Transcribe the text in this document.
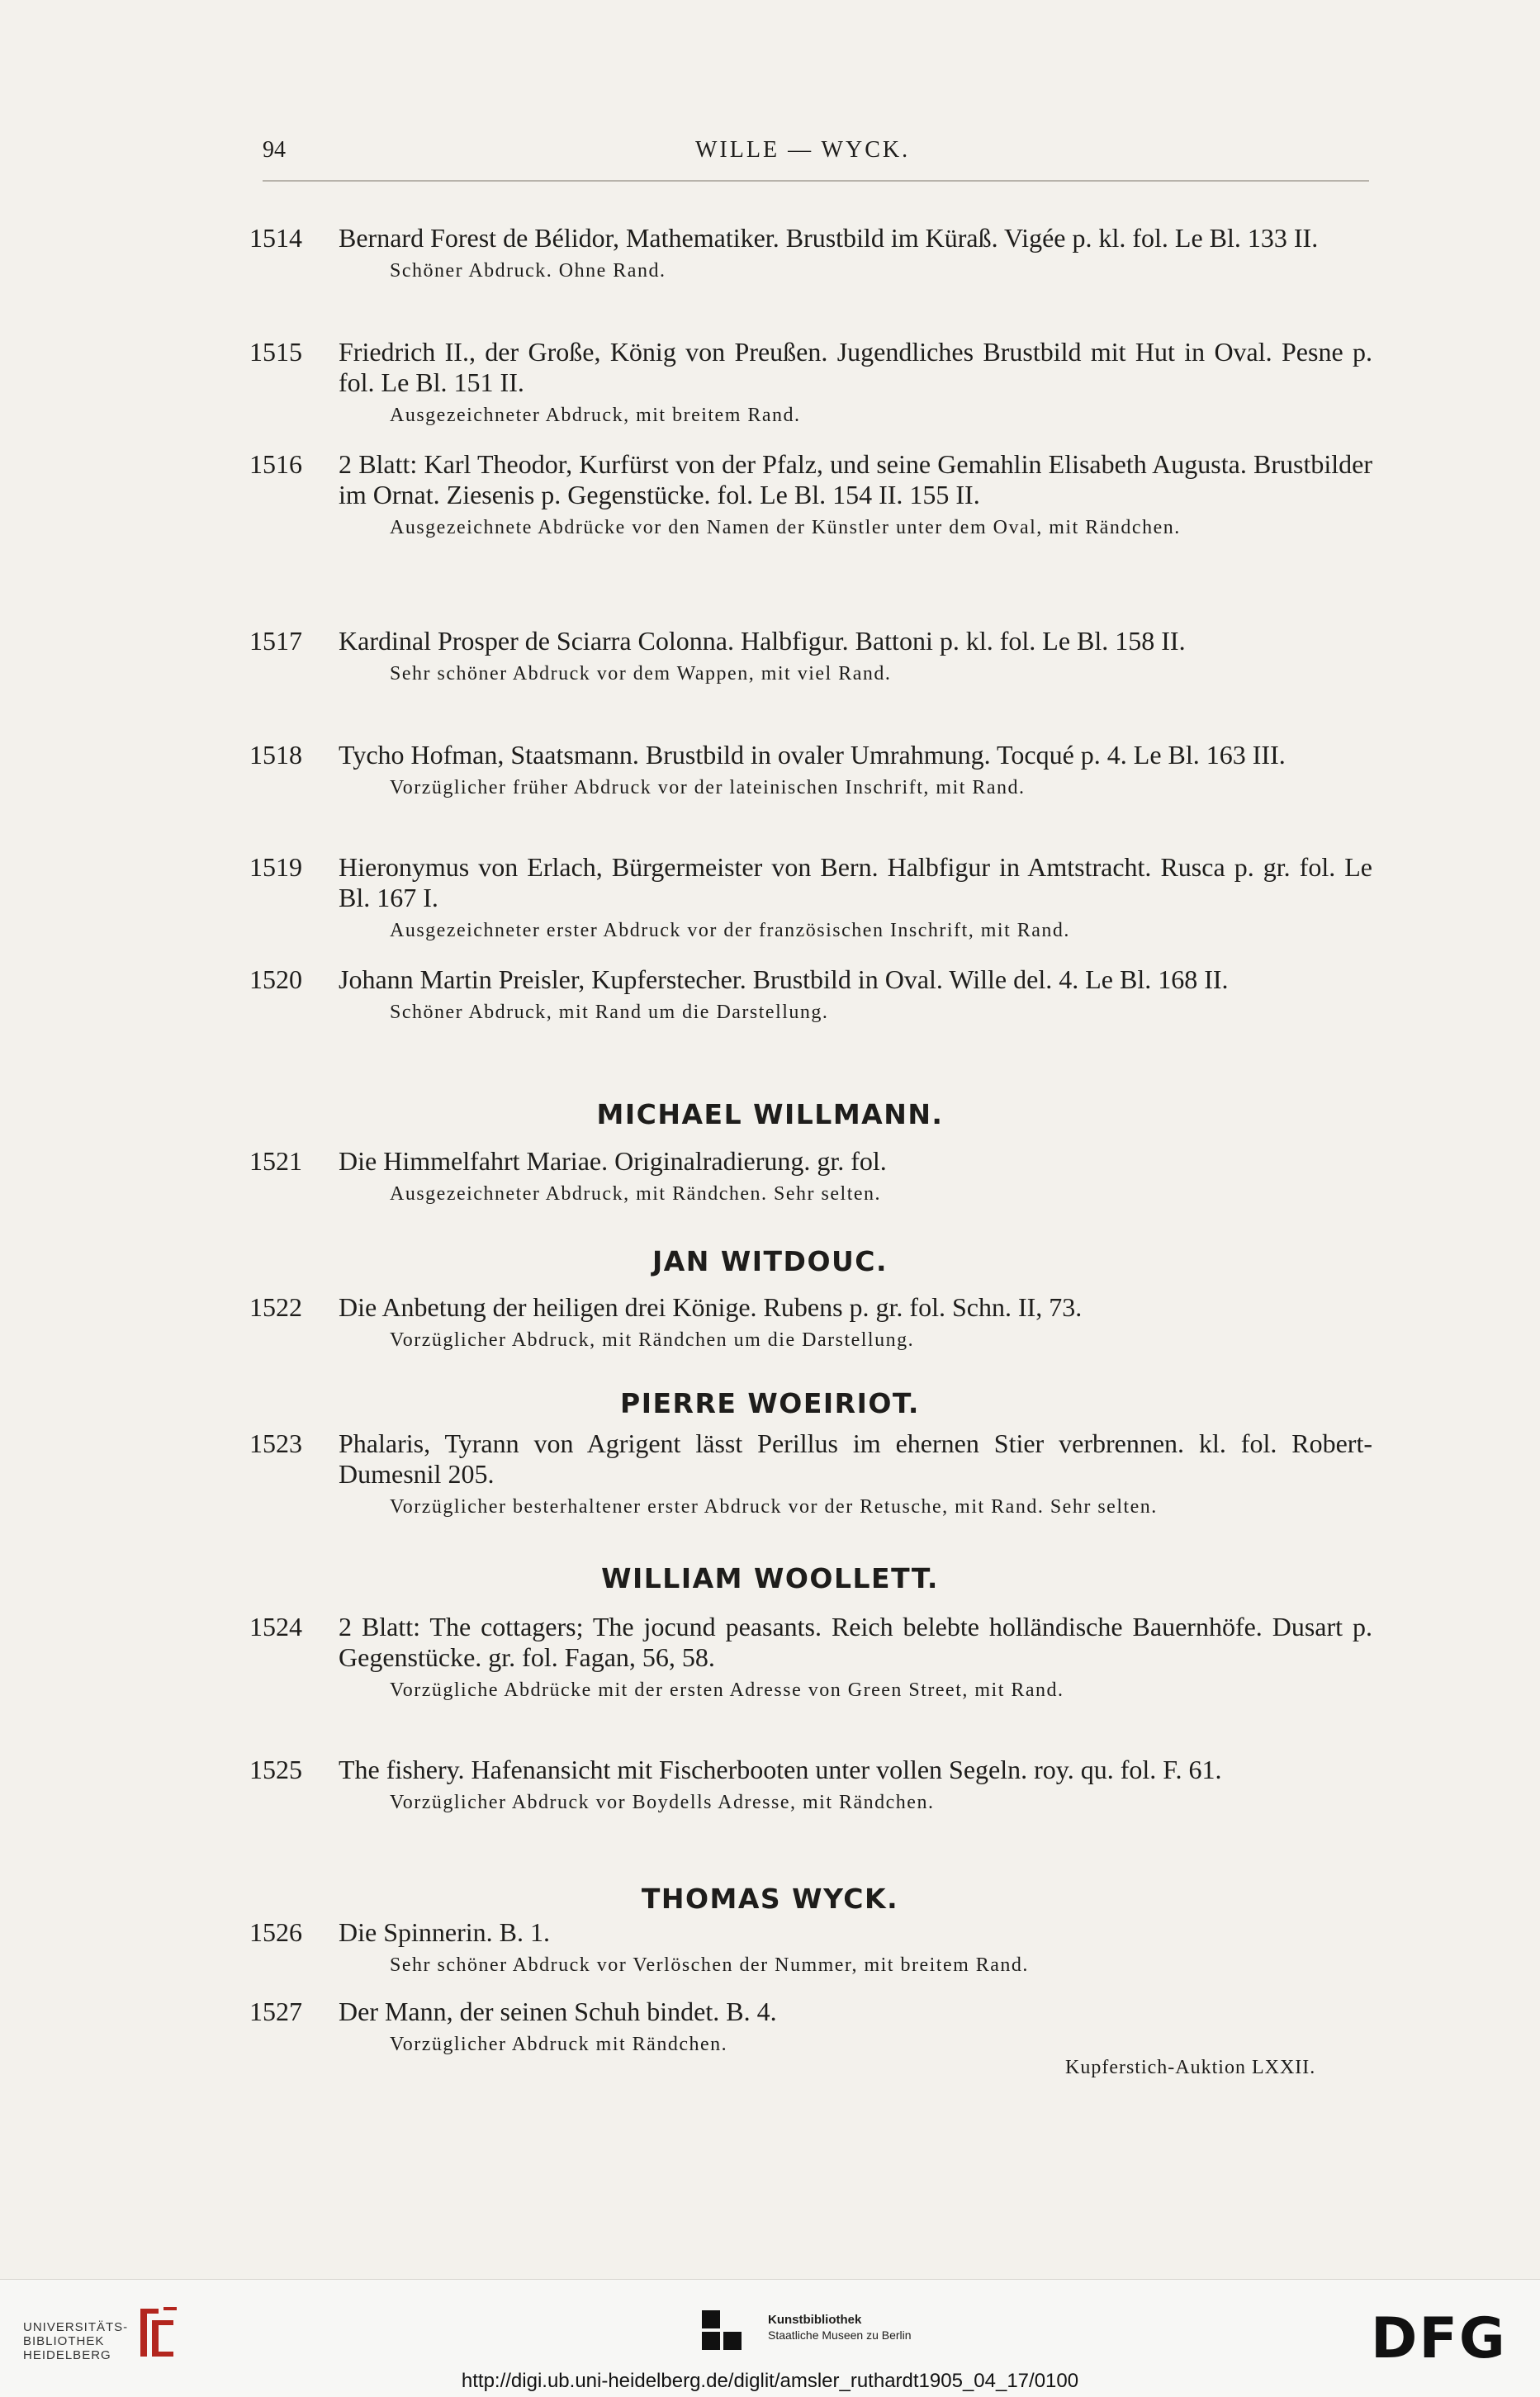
94	WILLE — WYCK.
1514	Bernard Forest de Bélidor, Mathematiker. Brustbild im Küraß. Vigée p. kl. fol. Le Bl. 133 II.
Schöner Abdruck. Ohne Rand.
1515	Friedrich II., der Große, König von Preußen. Jugendliches Brustbild mit Hut in Oval. Pesne p. fol. Le Bl. 151 II.
Ausgezeichneter Abdruck, mit breitem Rand.
1516	2 Blatt: Karl Theodor, Kurfürst von der Pfalz, und seine Gemahlin Elisabeth Augusta. Brustbilder im Ornat. Ziesenis p. Gegenstücke. fol. Le Bl. 154 II. 155 II.
Ausgezeichnete Abdrücke vor den Namen der Künstler unter dem Oval, mit Rändchen.
1517	Kardinal Prosper de Sciarra Colonna. Halbfigur. Battoni p. kl. fol. Le Bl. 158 II.
Sehr schöner Abdruck vor dem Wappen, mit viel Rand.
1518	Tycho Hofman, Staatsmann. Brustbild in ovaler Umrahmung. Tocqué p. 4. Le Bl. 163 III.
Vorzüglicher früher Abdruck vor der lateinischen Inschrift, mit Rand.
1519	Hieronymus von Erlach, Bürgermeister von Bern. Halbfigur in Amtstracht. Rusca p. gr. fol. Le Bl. 167 I.
Ausgezeichneter erster Abdruck vor der französischen Inschrift, mit Rand.
1520	Johann Martin Preisler, Kupferstecher. Brustbild in Oval. Wille del. 4. Le Bl. 168 II.
Schöner Abdruck, mit Rand um die Darstellung.
MICHAEL WILLMANN.
1521	Die Himmelfahrt Mariae. Originalradierung. gr. fol.
Ausgezeichneter Abdruck, mit Rändchen. Sehr selten.
JAN WITDOUC.
1522	Die Anbetung der heiligen drei Könige. Rubens p. gr. fol. Schn. II, 73.
Vorzüglicher Abdruck, mit Rändchen um die Darstellung.
PIERRE WOEIRIOT.
1523	Phalaris, Tyrann von Agrigent lässt Perillus im ehernen Stier verbrennen. kl. fol. Robert-Dumesnil 205.
Vorzüglicher besterhaltener erster Abdruck vor der Retusche, mit Rand. Sehr selten.
WILLIAM WOOLLETT.
1524	2 Blatt: The cottagers; The jocund peasants. Reich belebte holländische Bauernhöfe. Dusart p. Gegenstücke. gr. fol. Fagan, 56, 58.
Vorzügliche Abdrücke mit der ersten Adresse von Green Street, mit Rand.
1525	The fishery. Hafenansicht mit Fischerbooten unter vollen Segeln. roy. qu. fol. F. 61.
Vorzüglicher Abdruck vor Boydells Adresse, mit Rändchen.
THOMAS WYCK.
1526	Die Spinnerin. B. 1.
Sehr schöner Abdruck vor Verlöschen der Nummer, mit breitem Rand.
1527	Der Mann, der seinen Schuh bindet. B. 4.
Vorzüglicher Abdruck mit Rändchen.
Kupferstich-Auktion LXXII.
UNIVERSITÄTS-
BIBLIOTHEK
HEIDELBERG
Kunstbibliothek
Staatliche Museen zu Berlin	DFG
http://digi.ub.uni-heidelberg.de/diglit/amsler_ruthardt1905_04_17/0100
